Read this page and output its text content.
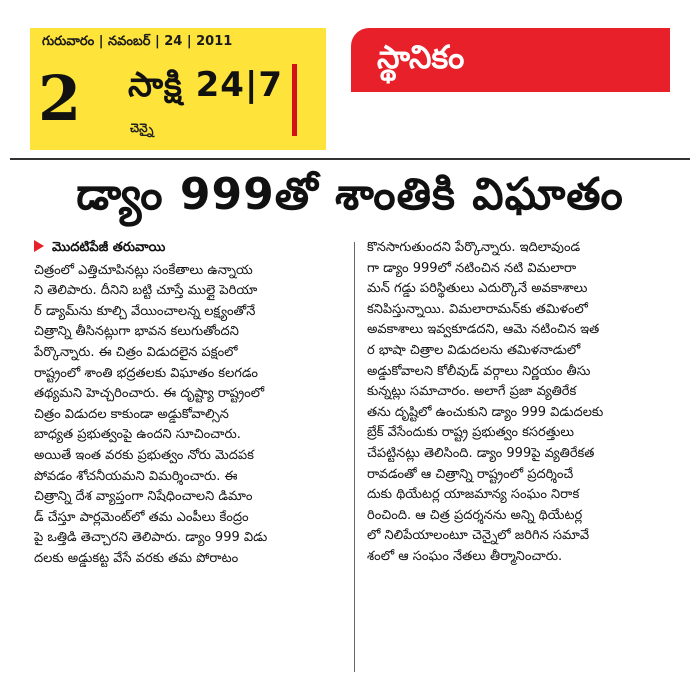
గురువారం | నవంబర్ | 24 | 2011
2 సాక్షి 24|7
చెన్నై
స్థానికం
డ్యాం 999తో శాంతికి విఘాతం
మొదటిపేజీ తరువాయి
చిత్రంలో ఎత్తిచూపినట్లు సంకేతాలు ఉన్నాయ
ని తెలిపారు. దీనిని బట్టి చూస్తే ముల్లై పెరియా
ర్ డ్యామ్‌ను కూల్చి వేయించాలన్న లక్ష్యంతోనే
చిత్రాన్ని తీసినట్లుగా భావన కలుగుతోందని
పేర్కొన్నారు. ఈ చిత్రం విడుదలైన పక్షంలో
రాష్ట్రంలో శాంతి భద్రతలకు విఘాతం కలగడం
తథ్యమని హెచ్చరించారు. ఈ దృష్ట్యా రాష్ట్రంలో
చిత్రం విడుదల కాకుండా అడ్డుకోవాల్సిన
బాధ్యత ప్రభుత్వంపై ఉందని సూచించారు.
అయితే ఇంత వరకు ప్రభుత్వం నోరు మెదపక
పోవడం శోచనీయమని విమర్శించారు. ఈ
చిత్రాన్ని దేశ వ్యాప్తంగా నిషేధించాలని డిమాం
డ్ చేస్తూ పార్లమెంట్‌లో తమ ఎంపీలు కేంద్రం
పై ఒత్తిడి తెచ్చారని తెలిపారు. డ్యాం 999 విడు
దలకు అడ్డుకట్ట వేసే వరకు తమ పోరాటం
కొనసాగుతుందని పేర్కొన్నారు. ఇదిలావుండ
గా డ్యాం 999లో నటించిన నటి విమలారా
మన్ గడ్డు పరిస్థితులు ఎదుర్కొనే అవకాశాలు
కనిపిస్తున్నాయి. విమలారామన్‌కు తమిళంలో
అవకాశాలు ఇవ్వకూడదని, ఆమె నటించిన ఇత
ర భాషా చిత్రాల విడుదలను తమిళనాడులో
అడ్డుకోవాలని కోలీవుడ్ వర్గాలు నిర్ణయం తీసు
కున్నట్లు సమాచారం. అలాగే ప్రజా వ్యతిరేక
తను దృష్టిలో ఉంచుకుని డ్యాం 999 విడుదలకు
బ్రేక్ వేసేందుకు రాష్ట్ర ప్రభుత్వం కసరత్తులు
చేపట్టినట్లు తెలిసింది. డ్యాం 999పై వ్యతిరేకత
రావడంతో ఆ చిత్రాన్ని రాష్ట్రంలో ప్రదర్శించే
దుకు థియేటర్ల యాజమాన్య సంఘం నిరాక
రించింది. ఆ చిత్ర ప్రదర్శనను అన్ని థియేటర్ల
లో నిలిపేయాలంటూ చెన్నైలో జరిగిన సమావే
శంలో ఆ సంఘం నేతలు తీర్మానించారు.
